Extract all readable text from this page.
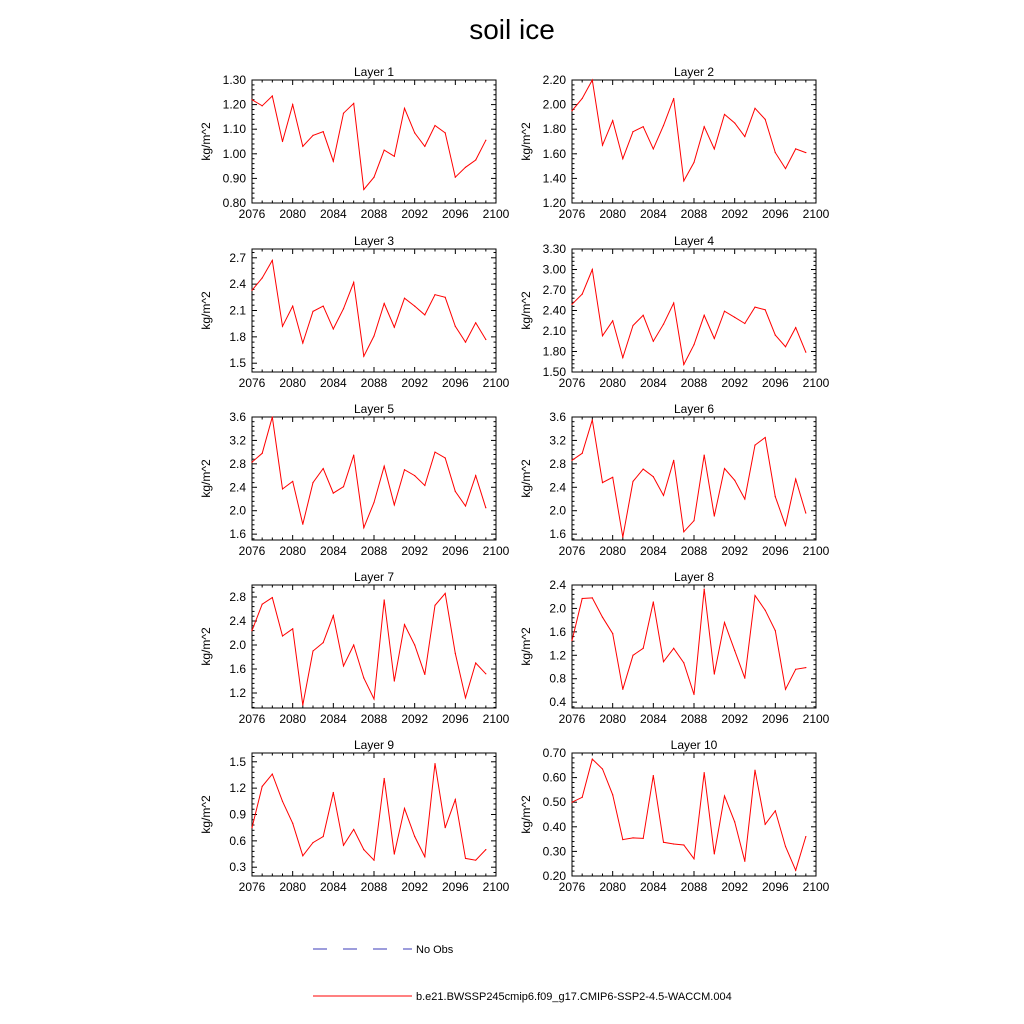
soil ice
Layer 1
kg/m^2
2076 2080 2084 2088 2092 2096 2100
0.80
0.90
1.00
1.10
1.20
1.30
Layer 2
kg/m^2
2076 2080 2084 2088 2092 2096 2100
1.20
1.40
1.60
1.80
2.00
2.20
Layer 3
kg/m^2
2076 2080 2084 2088 2092 2096 2100
1.5
1.8
2.1
2.4
2.7
Layer 4
kg/m^2
2076 2080 2084 2088 2092 2096 2100
1.50
1.80
2.10
2.40
2.70
3.00
3.30
Layer 5
kg/m^2
2076 2080 2084 2088 2092 2096 2100
1.6
2.0
2.4
2.8
3.2
3.6
Layer 6
kg/m^2
2076 2080 2084 2088 2092 2096 2100
1.6
2.0
2.4
2.8
3.2
3.6
Layer 7
kg/m^2
2076 2080 2084 2088 2092 2096 2100
1.2
1.6
2.0
2.4
2.8
Layer 8
kg/m^2
2076 2080 2084 2088 2092 2096 2100
0.4
0.8
1.2
1.6
2.0
2.4
Layer 9
kg/m^2
2076 2080 2084 2088 2092 2096 2100
0.3
0.6
0.9
1.2
1.5
Layer 10
kg/m^2
2076 2080 2084 2088 2092 2096 2100
0.20
0.30
0.40
0.50
0.60
0.70
No Obs
b.e21.BWSSP245cmip6.f09_g17.CMIP6-SSP2-4.5-WACCM.004
